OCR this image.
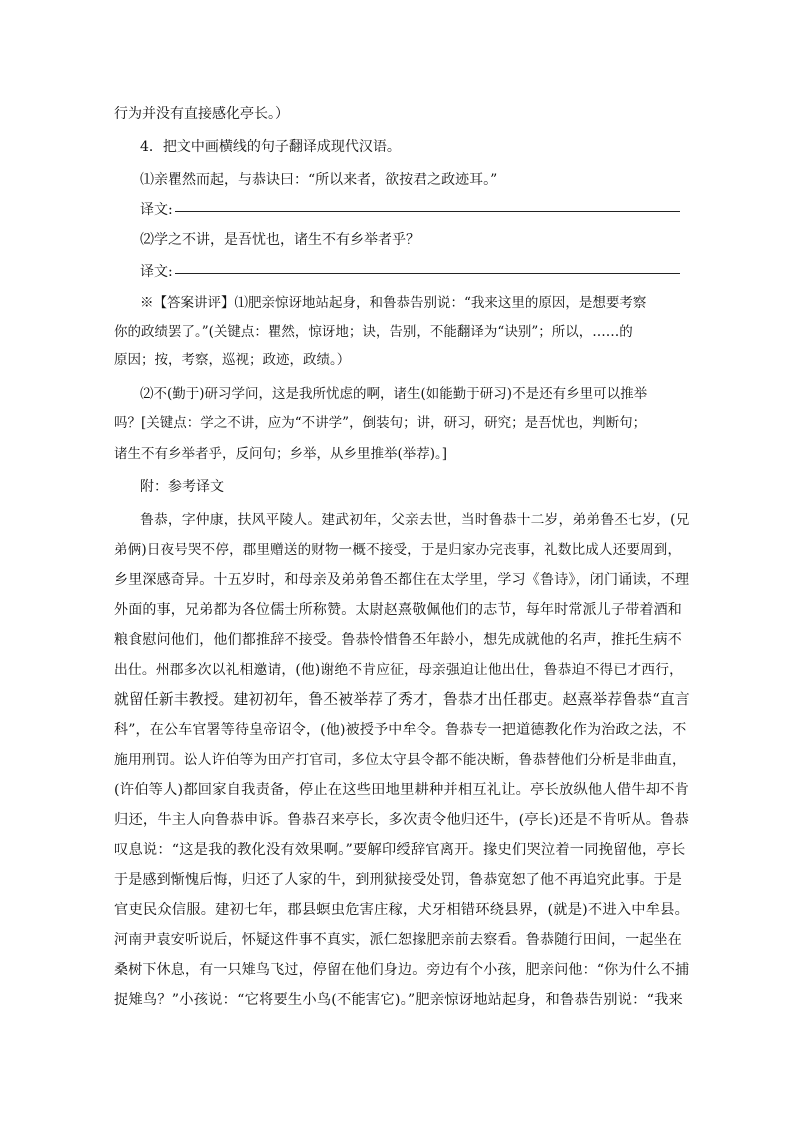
行为并没有直接感化亭长。）
4．把文中画横线的句子翻译成现代汉语。
⑴亲瞿然而起，与恭诀曰：“所以来者，欲按君之政迹耳。”
译文:
⑵学之不讲，是吾忧也，诸生不有乡举者乎？
译文:
※【答案讲评】⑴肥亲惊讶地站起身，和鲁恭告别说：“我来这里的原因，是想要考察
你的政绩罢了。”(关键点：瞿然，惊讶地；诀，告别，不能翻译为“诀别”；所以，……的
原因；按，考察，巡视；政迹，政绩。）
⑵不(勤于)研习学问，这是我所忧虑的啊，诸生(如能勤于研习)不是还有乡里可以推举
吗？[关键点：学之不讲，应为“不讲学”，倒装句；讲，研习，研究；是吾忧也，判断句；
诸生不有乡举者乎，反问句；乡举，从乡里推举(举荐)。]
附：参考译文
鲁恭，字仲康，扶风平陵人。建武初年，父亲去世，当时鲁恭十二岁，弟弟鲁丕七岁，(兄
弟俩)日夜号哭不停，郡里赠送的财物一概不接受，于是归家办完丧事，礼数比成人还要周到，
乡里深感奇异。十五岁时，和母亲及弟弟鲁丕都住在太学里，学习《鲁诗》，闭门诵读，不理
外面的事，兄弟都为各位儒士所称赞。太尉赵熹敬佩他们的志节，每年时常派儿子带着酒和
粮食慰问他们，他们都推辞不接受。鲁恭怜惜鲁丕年龄小，想先成就他的名声，推托生病不
出仕。州郡多次以礼相邀请，(他)谢绝不肯应征，母亲强迫让他出仕，鲁恭迫不得已才西行，
就留任新丰教授。建初初年，鲁丕被举荐了秀才，鲁恭才出任郡吏。赵熹举荐鲁恭“直言
科”，在公车官署等待皇帝诏令，(他)被授予中牟令。鲁恭专一把道德教化作为治政之法，不
施用刑罚。讼人许伯等为田产打官司，多位太守县令都不能决断，鲁恭替他们分析是非曲直，
(许伯等人)都回家自我责备，停止在这些田地里耕种并相互礼让。亭长放纵他人借牛却不肯
归还，牛主人向鲁恭申诉。鲁恭召来亭长，多次责令他归还牛，(亭长)还是不肯听从。鲁恭
叹息说：“这是我的教化没有效果啊。”要解印绶辞官离开。掾史们哭泣着一同挽留他，亭长
于是感到惭愧后悔，归还了人家的牛，到刑狱接受处罚，鲁恭宽恕了他不再追究此事。于是
官吏民众信服。建初七年，郡县螟虫危害庄稼，犬牙相错环绕县界，(就是)不进入中牟县。
河南尹袁安听说后，怀疑这件事不真实，派仁恕掾肥亲前去察看。鲁恭随行田间，一起坐在
桑树下休息，有一只雉鸟飞过，停留在他们身边。旁边有个小孩，肥亲问他：“你为什么不捕
捉雉鸟？”小孩说：“它将要生小鸟(不能害它)。”肥亲惊讶地站起身，和鲁恭告别说：“我来
